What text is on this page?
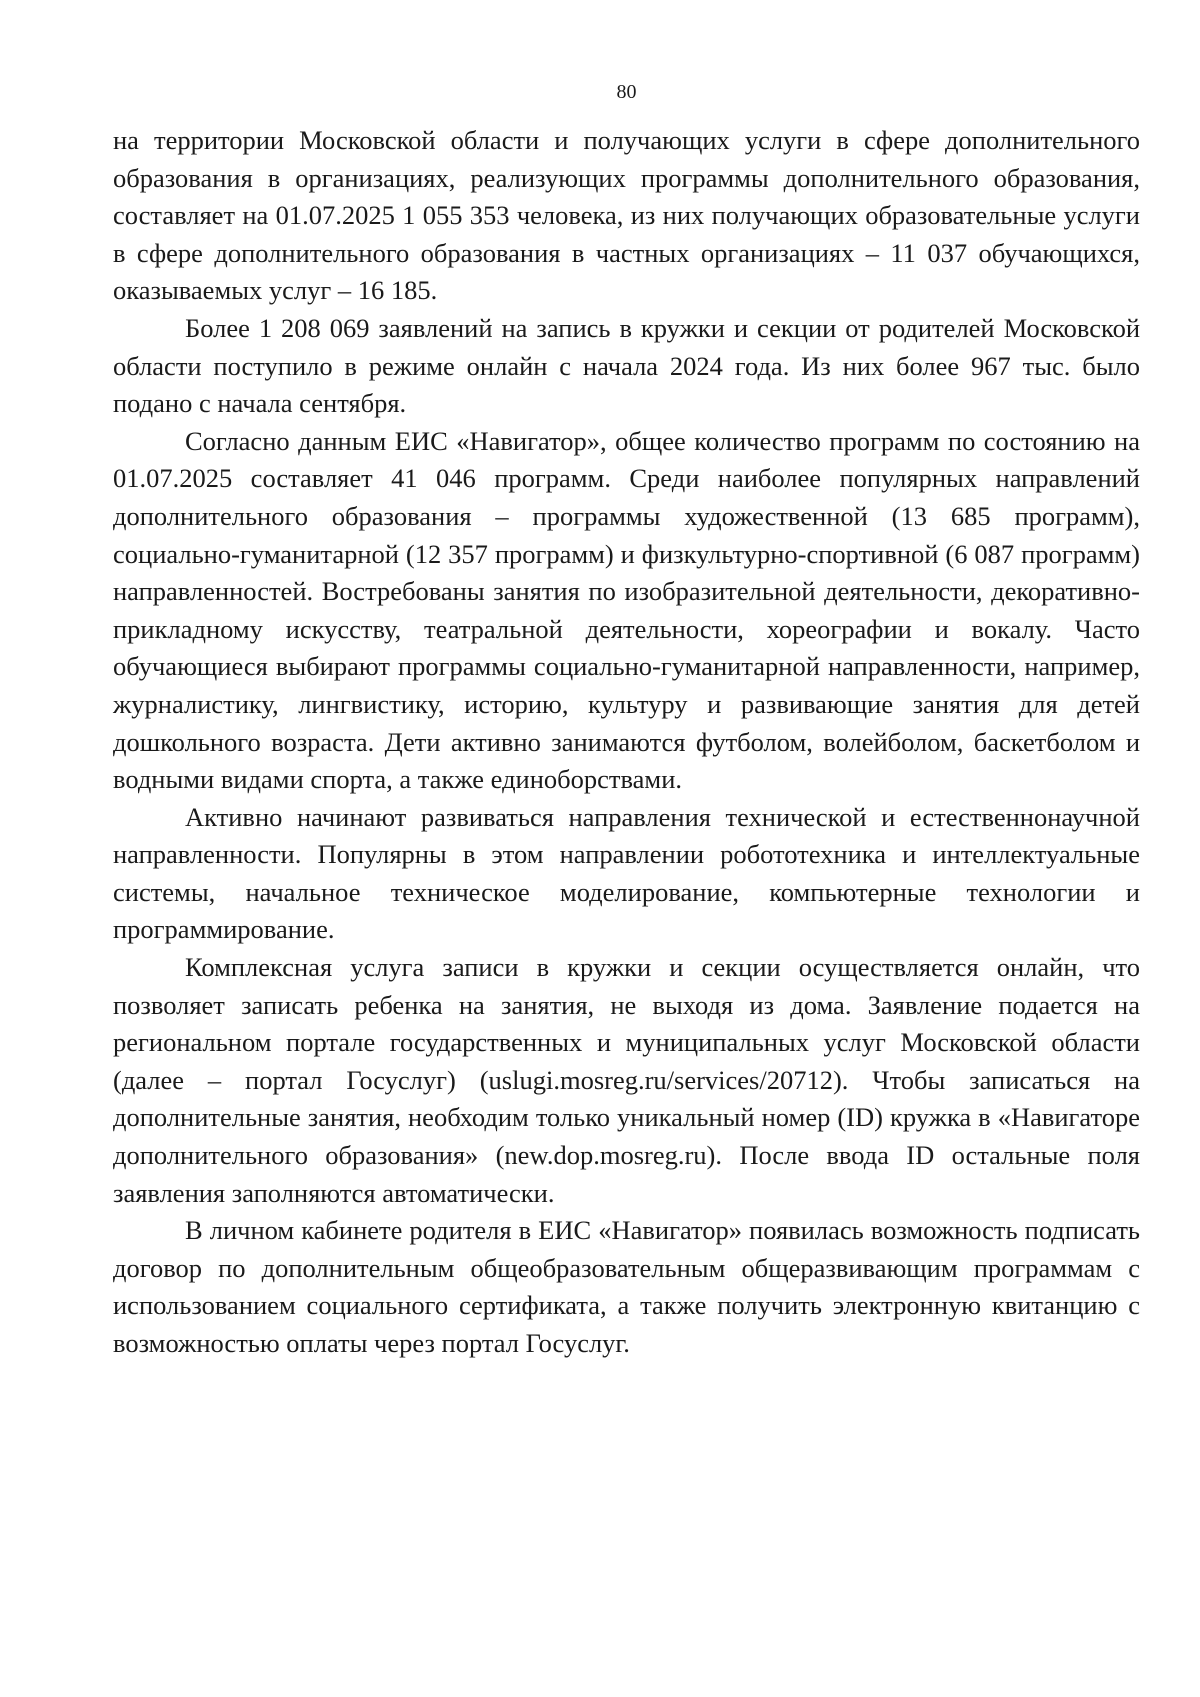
80

на территории Московской области и получающих услуги в сфере дополнительного образования в организациях, реализующих программы дополнительного образования, составляет на 01.07.2025 1 055 353 человека, из них получающих образовательные услуги в сфере дополнительного образования в частных организациях – 11 037 обучающихся, оказываемых услуг – 16 185.

Более 1 208 069 заявлений на запись в кружки и секции от родителей Московской области поступило в режиме онлайн с начала 2024 года. Из них более 967 тыс. было подано с начала сентября.

Согласно данным ЕИС «Навигатор», общее количество программ по состоянию на 01.07.2025 составляет 41 046 программ. Среди наиболее популярных направлений дополнительного образования – программы художественной (13 685 программ), социально-гуманитарной (12 357 программ) и физкультурно-спортивной (6 087 программ) направленностей. Востребованы занятия по изобразительной деятельности, декоративно-прикладному искусству, театральной деятельности, хореографии и вокалу. Часто обучающиеся выбирают программы социально-гуманитарной направленности, например, журналистику, лингвистику, историю, культуру и развивающие занятия для детей дошкольного возраста. Дети активно занимаются футболом, волейболом, баскетболом и водными видами спорта, а также единоборствами.

Активно начинают развиваться направления технической и естественнонаучной направленности. Популярны в этом направлении робототехника и интеллектуальные системы, начальное техническое моделирование, компьютерные технологии и программирование.

Комплексная услуга записи в кружки и секции осуществляется онлайн, что позволяет записать ребенка на занятия, не выходя из дома. Заявление подается на региональном портале государственных и муниципальных услуг Московской области (далее – портал Госуслуг) (uslugi.mosreg.ru/services/20712). Чтобы записаться на дополнительные занятия, необходим только уникальный номер (ID) кружка в «Навигаторе дополнительного образования» (new.dop.mosreg.ru). После ввода ID остальные поля заявления заполняются автоматически.

В личном кабинете родителя в ЕИС «Навигатор» появилась возможность подписать договор по дополнительным общеобразовательным общеразвивающим программам с использованием социального сертификата, а также получить электронную квитанцию с возможностью оплаты через портал Госуслуг.
